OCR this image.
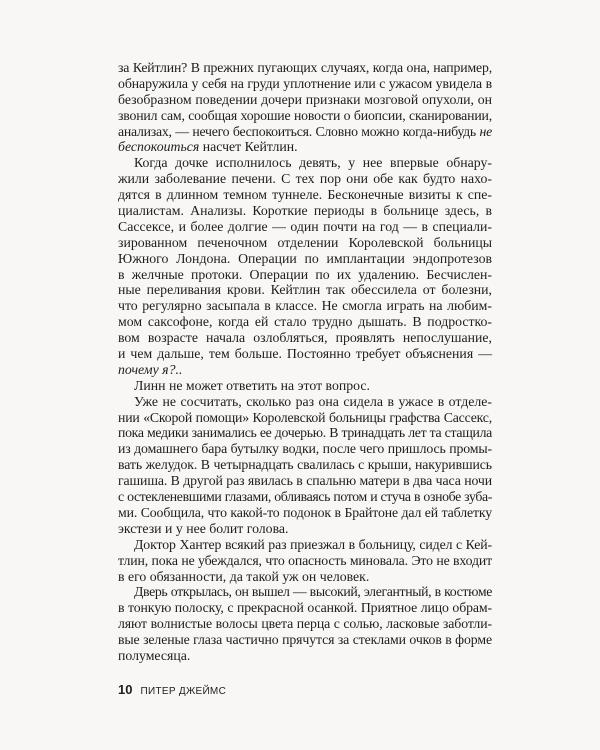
за Кейтлин? В прежних пугающих случаях, когда она, например,
обнаружила у себя на груди уплотнение или с ужасом увидела в
безобразном поведении дочери признаки мозговой опухоли, он
звонил сам, сообщая хорошие новости о биопсии, сканировании,
анализах, — нечего беспокоиться. Словно можно когда-нибудь не
беспокоиться насчет Кейтлин.
Когда дочке исполнилось девять, у нее впервые обнару-
жили заболевание печени. С тех пор они обе как будто нахо-
дятся в длинном темном туннеле. Бесконечные визиты к спе-
циалистам. Анализы. Короткие периоды в больнице здесь, в
Сассексе, и более долгие — один почти на год — в специали-
зированном печеночном отделении Королевской больницы
Южного Лондона. Операции по имплантации эндопротезов
в желчные протоки. Операции по их удалению. Бесчислен-
ные переливания крови. Кейтлин так обессилела от болезни,
что регулярно засыпала в классе. Не смогла играть на любим-
мом саксофоне, когда ей стало трудно дышать. В подростко-
вом возрасте начала озлобляться, проявлять непослушание,
и чем дальше, тем больше. Постоянно требует объяснения —
почему я?..
Линн не может ответить на этот вопрос.
Уже не сосчитать, сколько раз она сидела в ужасе в отделе-
нии «Скорой помощи» Королевской больницы графства Сассекс,
пока медики занимались ее дочерью. В тринадцать лет та стащила
из домашнего бара бутылку водки, после чего пришлось промы-
вать желудок. В четырнадцать свалилась с крыши, накурившись
гашиша. В другой раз явилась в спальню матери в два часа ночи
с остекленевшими глазами, обливаясь потом и стуча в ознобе зуба-
ми. Сообщила, что какой-то подонок в Брайтоне дал ей таблетку
экстези и у нее болит голова.
Доктор Хантер всякий раз приезжал в больницу, сидел с Кей-
тлин, пока не убеждался, что опасность миновала. Это не входит
в его обязанности, да такой уж он человек.
Дверь открылась, он вышел — высокий, элегантный, в костюме
в тонкую полоску, с прекрасной осанкой. Приятное лицо обрам-
ляют волнистые волосы цвета перца с солью, ласковые заботли-
вые зеленые глаза частично прячутся за стеклами очков в форме
полумесяца.
10 ПИТЕР ДЖЕЙМС
